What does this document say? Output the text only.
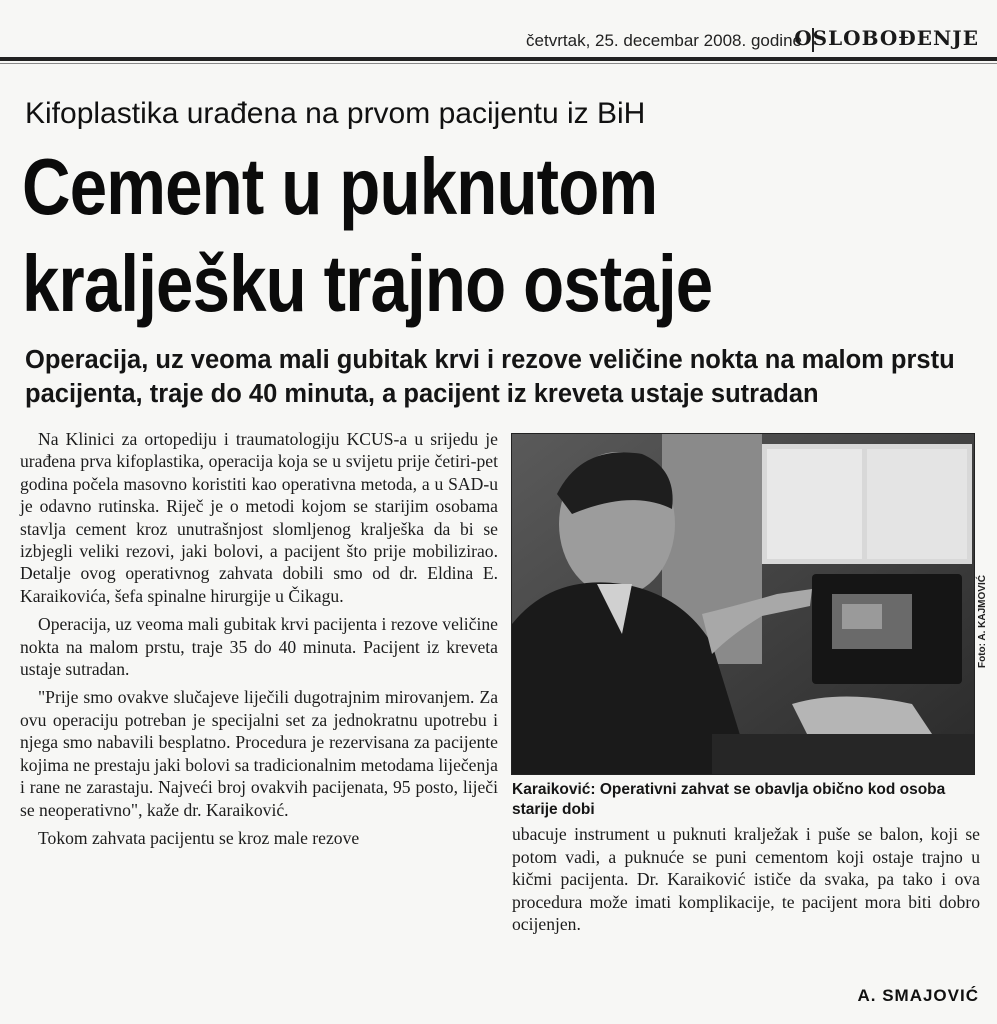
četvrtak, 25. decembar 2008. godine
OSLOBOĐENJE
Kifoplastika urađena na prvom pacijentu iz BiH
Cement u puknutom
kralješku trajno ostaje
Operacija, uz veoma mali gubitak krvi i rezove veličine nokta na malom prstu pacijenta, traje do 40 minuta, a pacijent iz kreveta ustaje sutradan

Na Klinici za ortopediju i traumatologiju KCUS-a u srijedu je urađena prva kifoplastika, operacija koja se u svijetu prije četiri-pet godina počela masovno koristiti kao operativna metoda, a u SAD-u je odavno rutinska. Riječ je o metodi kojom se starijim osobama stavlja cement kroz unutrašnjost slomljenog kralješka da bi se izbjegli veliki rezovi, jaki bolovi, a pacijent što prije mobilizirao. Detalje ovog operativnog zahvata dobili smo od dr. Eldina E. Karaikovića, šefa spinalne hirurgije u Čikagu.

Operacija, uz veoma mali gubitak krvi pacijenta i rezove veličine nokta na malom prstu, traje 35 do 40 minuta. Pacijent iz kreveta ustaje sutradan.

"Prije smo ovakve slučajeve liječili dugotrajnim mirovanjem. Za ovu operaciju potreban je specijalni set za jednokratnu upotrebu i njega smo nabavili besplatno. Procedura je rezervisana za pacijente kojima ne prestaju jaki bolovi sa tradicionalnim metodama liječenja i rane ne zarastaju. Najveći broj ovakvih pacijenata, 95 posto, liječi se neoperativno", kaže dr. Karaiković.

Tokom zahvata pacijentu se kroz male rezove

Foto: A. KAJMOVIĆ
Karaiković: Operativni zahvat se obavlja obično kod osoba starije dobi

ubacuje instrument u puknuti kralježak i puše se balon, koji se potom vadi, a puknuće se puni cementom koji ostaje trajno u kičmi pacijenta. Dr. Karaiković ističe da svaka, pa tako i ova procedura može imati komplikacije, te pacijent mora biti dobro ocijenjen.

A. SMAJOVIĆ
